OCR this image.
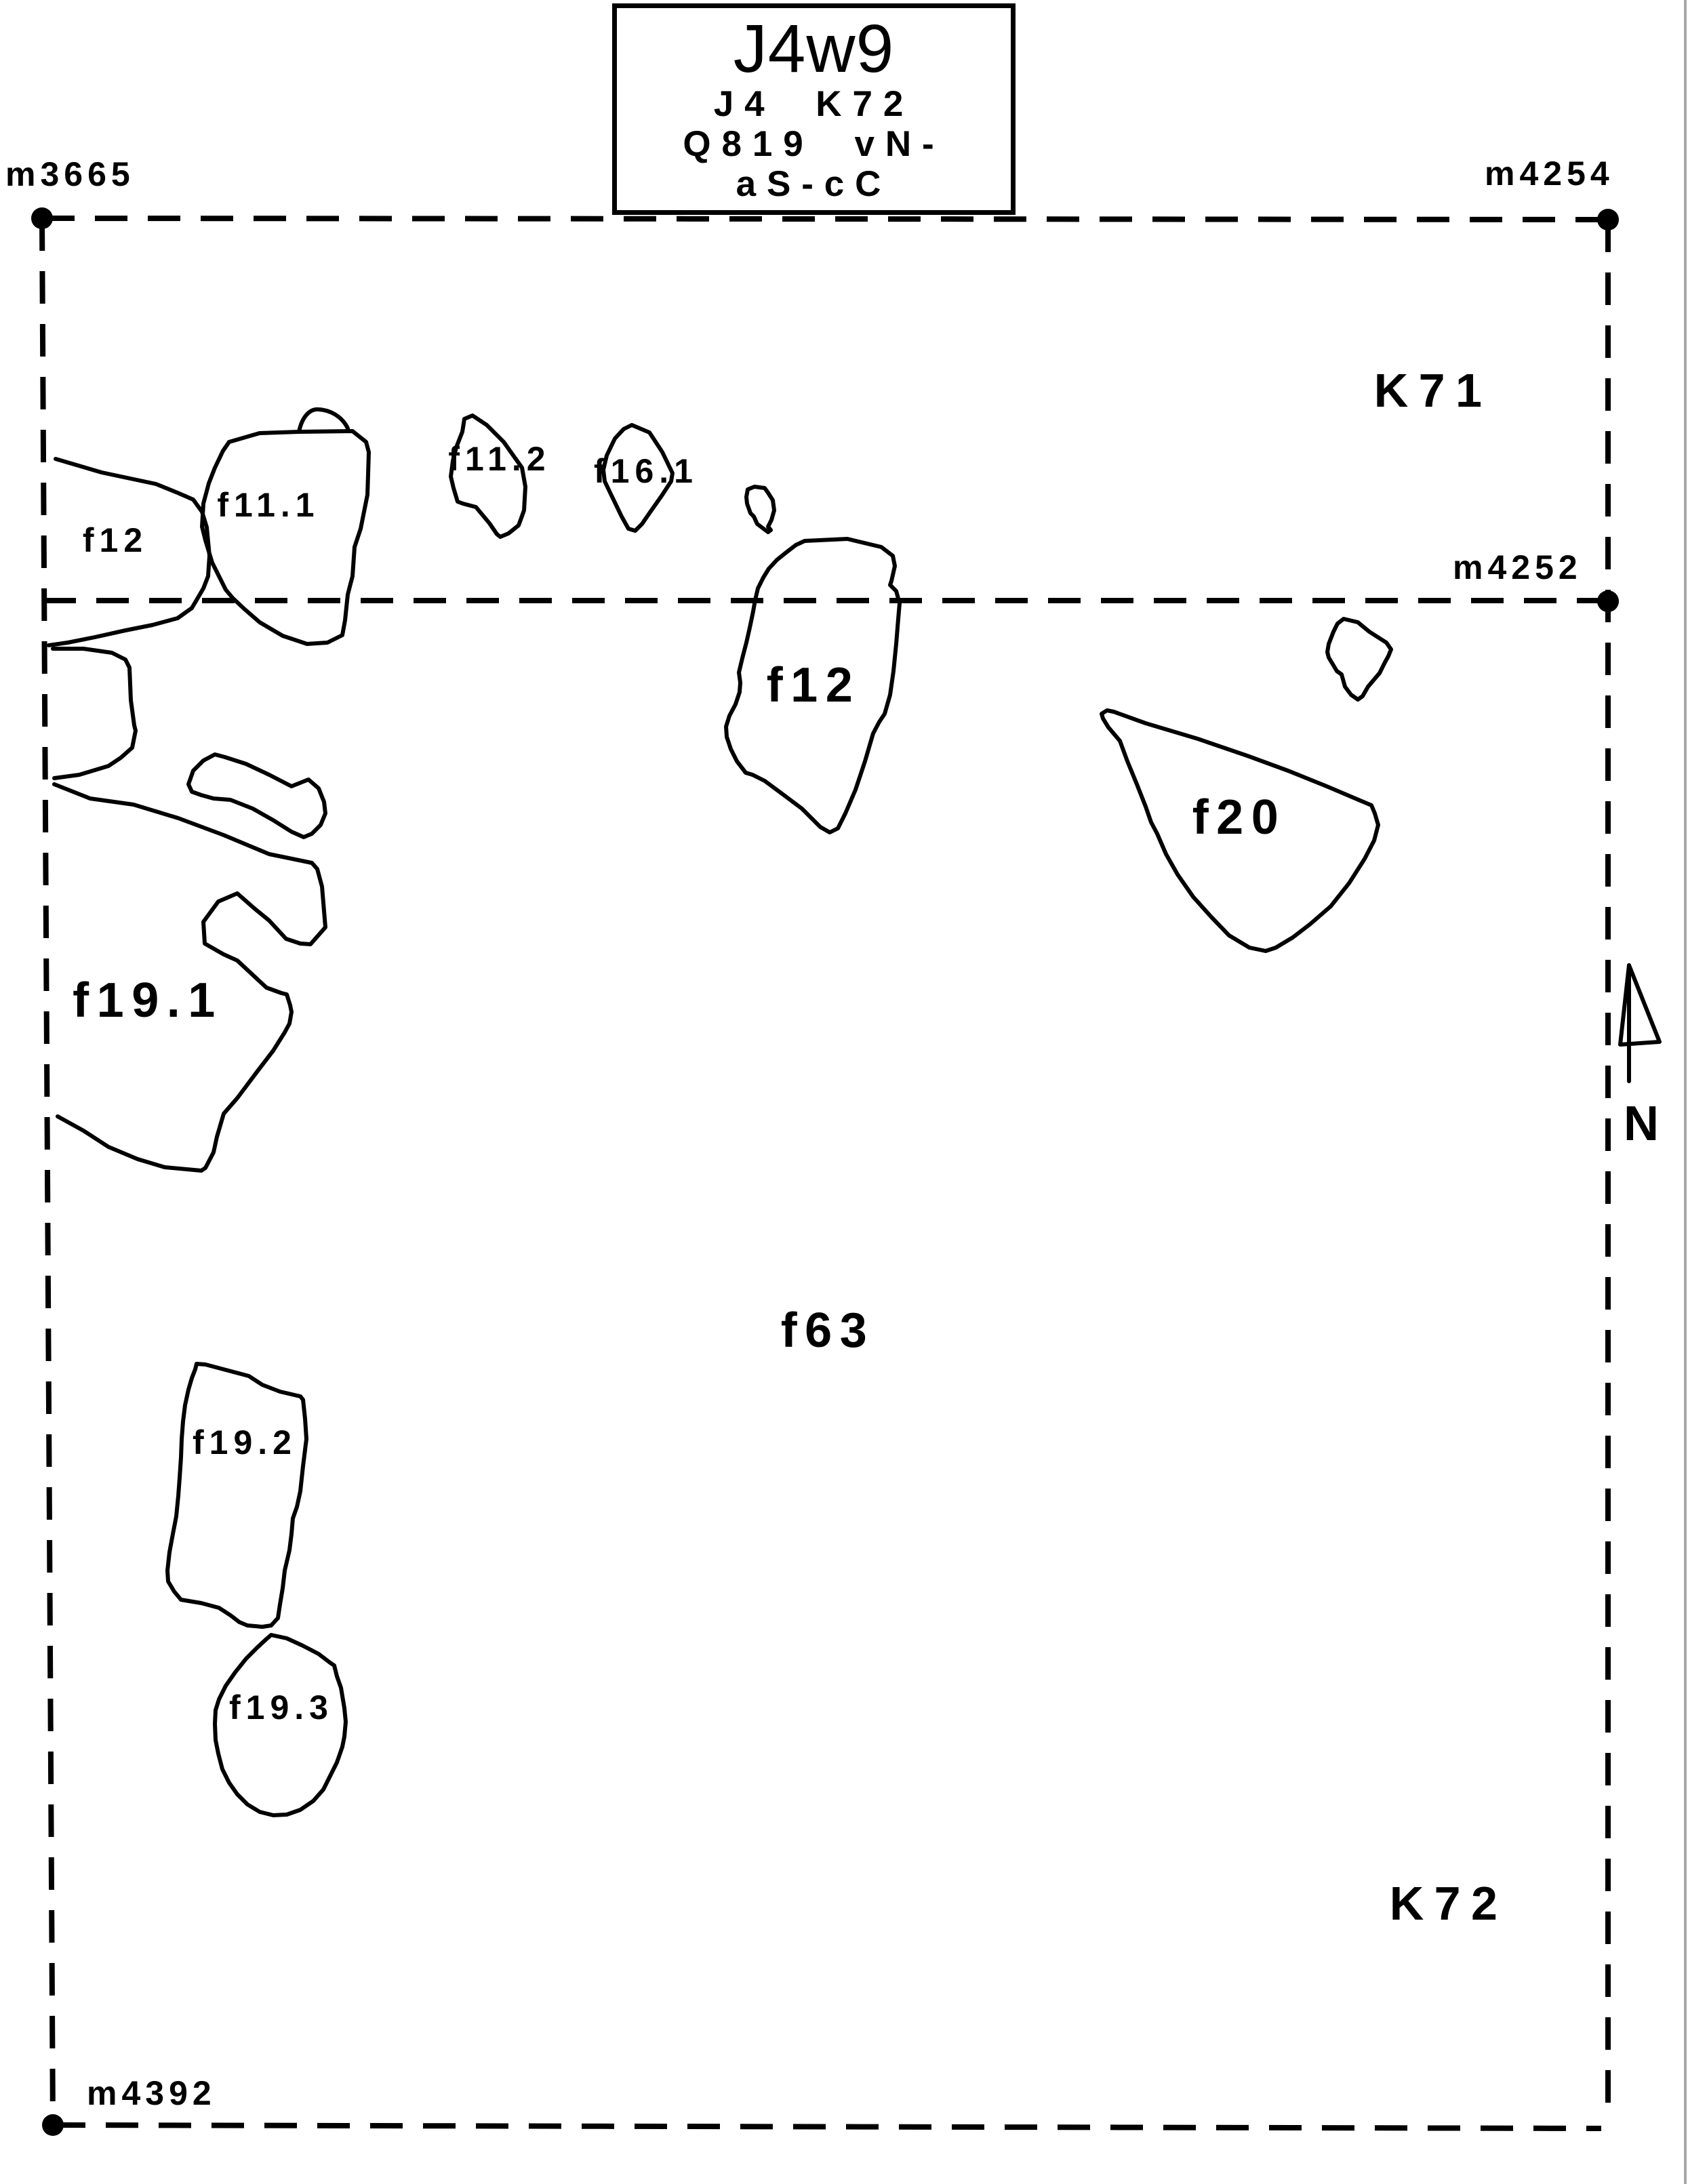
J4w9
J4 K72
Q819 vN-
aS-cC
m3665	m4254
m4252
m4392
K71
K72
f12
f11.1
f11.2 f16.1
f12
f20
f19.1
f63
f19.2
f19.3
N
